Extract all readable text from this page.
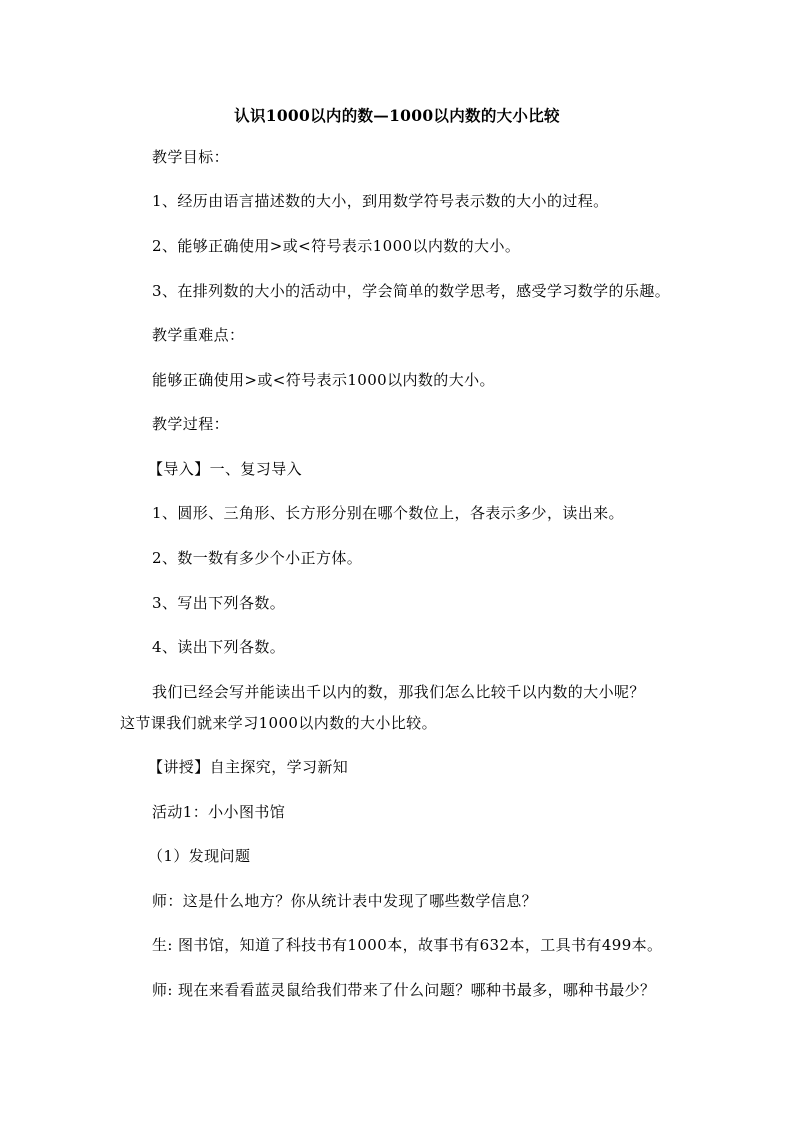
认识1000以内的数—1000以内数的大小比较

教学目标：

1、经历由语言描述数的大小，到用数学符号表示数的大小的过程。

2、能够正确使用>或<符号表示1000以内数的大小。

3、在排列数的大小的活动中，学会简单的数学思考，感受学习数学的乐趣。

教学重难点：

能够正确使用>或<符号表示1000以内数的大小。

教学过程：

【导入】一、复习导入

1、圆形、三角形、长方形分别在哪个数位上，各表示多少，读出来。

2、数一数有多少个小正方体。

3、写出下列各数。

4、读出下列各数。

我们已经会写并能读出千以内的数，那我们怎么比较千以内数的大小呢？

这节课我们就来学习1000以内数的大小比较。

【讲授】自主探究，学习新知

活动1：小小图书馆

（1）发现问题

师：这是什么地方？你从统计表中发现了哪些数学信息？

生: 图书馆，知道了科技书有1000本，故事书有632本，工具书有499本。

师: 现在来看看蓝灵鼠给我们带来了什么问题？哪种书最多，哪种书最少？
